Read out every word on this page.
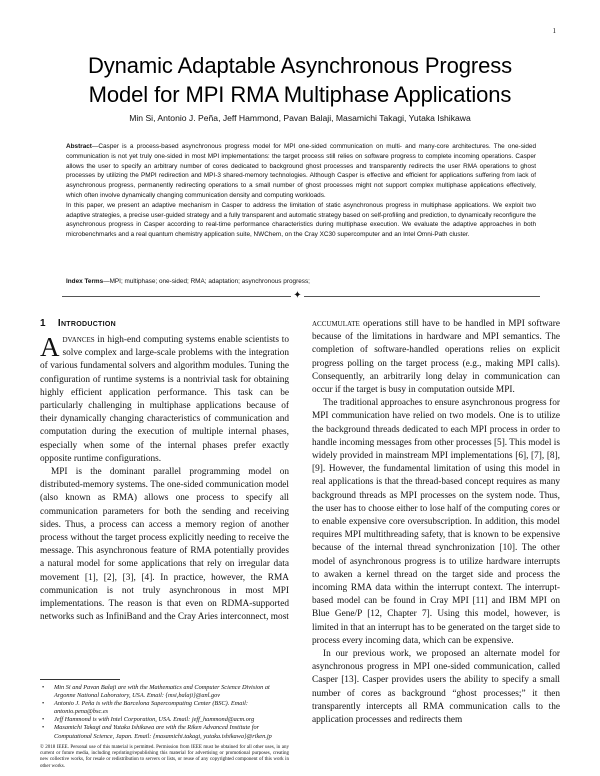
1
Dynamic Adaptable Asynchronous Progress
Model for MPI RMA Multiphase Applications
Min Si, Antonio J. Peña, Jeff Hammond, Pavan Balaji, Masamichi Takagi, Yutaka Ishikawa

Abstract—Casper is a process-based asynchronous progress model for MPI one-sided communication on multi- and many-core architectures. The one-sided communication is not yet truly one-sided in most MPI implementations: the target process still relies on software progress to complete incoming operations. Casper allows the user to specify an arbitrary number of cores dedicated to background ghost processes and transparently redirects the user RMA operations to ghost processes by utilizing the PMPI redirection and MPI-3 shared-memory technologies. Although Casper is effective and efficient for applications suffering from lack of asynchronous progress, permanently redirecting operations to a small number of ghost processes might not support complex multiphase applications effectively, which often involve dynamically changing communication density and computing workloads.

In this paper, we present an adaptive mechanism in Casper to address the limitation of static asynchronous progress in multiphase applications. We exploit two adaptive strategies, a precise user-guided strategy and a fully transparent and automatic strategy based on self-profiling and prediction, to dynamically reconfigure the asynchronous progress in Casper according to real-time performance characteristics during multiphase execution. We evaluate the adaptive approaches in both microbenchmarks and a real quantum chemistry application suite, NWChem, on the Cray XC30 supercomputer and an Intel Omni-Path cluster.

Index Terms—MPI; multiphase; one-sided; RMA; adaptation; asynchronous progress;
✦

1 Introduction

Advances in high-end computing systems enable scientists to solve complex and large-scale problems with the integration of various fundamental solvers and algorithm modules. Tuning the configuration of runtime systems is a nontrivial task for obtaining highly efficient application performance. This task can be particularly challenging in multiphase applications because of their dynamically changing characteristics of communication and computation during the execution of multiple internal phases, especially when some of the internal phases prefer exactly opposite runtime configurations.

MPI is the dominant parallel programming model on distributed-memory systems. The one-sided communication model (also known as RMA) allows one process to specify all communication parameters for both the sending and receiving sides. Thus, a process can access a memory region of another process without the target process explicitly needing to receive the message. This asynchronous feature of RMA potentially provides a natural model for some applications that rely on irregular data movement [1], [2], [3], [4]. In practice, however, the RMA communication is not truly asynchronous in most MPI implementations. The reason is that even on RDMA-supported networks such as InfiniBand and the Cray Aries interconnect, most

accumulate operations still have to be handled in MPI software because of the limitations in hardware and MPI semantics. The completion of software-handled operations relies on explicit progress polling on the target process (e.g., making MPI calls). Consequently, an arbitrarily long delay in communication can occur if the target is busy in computation outside MPI.

The traditional approaches to ensure asynchronous progress for MPI communication have relied on two models. One is to utilize the background threads dedicated to each MPI process in order to handle incoming messages from other processes [5]. This model is widely provided in mainstream MPI implementations [6], [7], [8], [9]. However, the fundamental limitation of using this model in real applications is that the thread-based concept requires as many background threads as MPI processes on the system node. Thus, the user has to choose either to lose half of the computing cores or to enable expensive core oversubscription. In addition, this model requires MPI multithreading safety, that is known to be expensive because of the internal thread synchronization [10]. The other model of asynchronous progress is to utilize hardware interrupts to awaken a kernel thread on the target side and process the incoming RMA data within the interrupt context. The interrupt-based model can be found in Cray MPI [11] and IBM MPI on Blue Gene/P [12, Chapter 7]. Using this model, however, is limited in that an interrupt has to be generated on the target side to process every incoming data, which can be expensive.

In our previous work, we proposed an alternate model for asynchronous progress in MPI one-sided communication, called Casper [13]. Casper provides users the ability to specify a small number of cores as background “ghost processes;” it then transparently intercepts all RMA communication calls to the application processes and redirects them

• Min Si and Pavan Balaji are with the Mathematics and Computer Science Division at Argonne National Laboratory, USA. Email: {msi,balaji}@anl.gov

• Antonio J. Peña is with the Barcelona Supercomputing Center (BSC). Email: antonio.pena@bsc.es

• Jeff Hammond is with Intel Corporation, USA. Email: jeff_hammond@acm.org

• Masamichi Takagi and Yutaka Ishikawa are with the Riken Advanced Institute for Computational Science, Japan. Email: {masamichi.takagi, yutaka.ishikawa}@riken.jp

© 2018 IEEE. Personal use of this material is permitted. Permission from IEEE must be obtained for all other uses, in any current or future media, including reprinting/republishing this material for advertising or promotional purposes, creating new collective works, for resale or redistribution to servers or lists, or reuse of any copyrighted component of this work in other works.
